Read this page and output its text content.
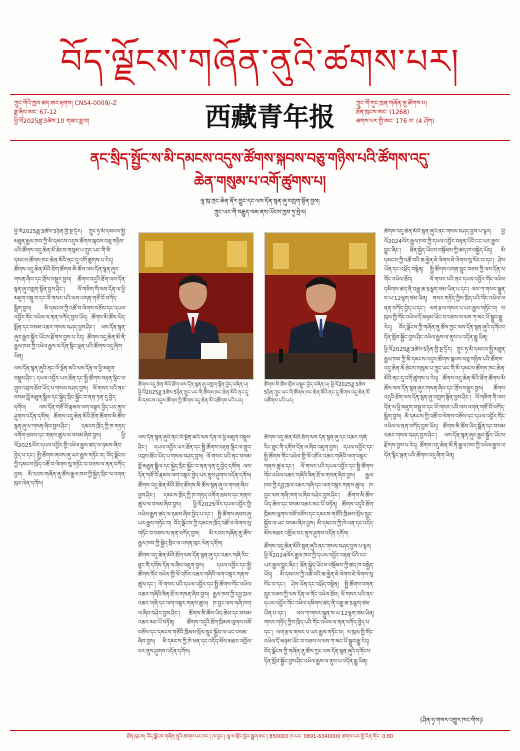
བོད་ལྗོངས་གཞོན་ནུའི་ཚགས་པར།
ཀྲུང་གོའི་ཁྱབ་ཚད་ཨང་རྟགས། CN54-0009/-Z
ཟླ་ཞིབ་ཨང་ 67-12
ཕྱི་ལོ2025ཟླ་3ཚེས་10 གཟའ་ཟླ་བ།	西藏青年报	ཀྲུང་གོ་གུང་ཁྲན་གཞོན་ནུ་ཚོགས་པ།
ཐོན་ཁུངས་ཨང་ (1268)
ཚགས་པར་གྱི་ཨང་ 176 བ་ (4 ཤོག)
ནང་སྲིད་སྤྱོང་ས་མི་དམངས་འདུས་ཚོགས་སྐབས་བཅུ་གཉིས་པའི་ཚོགས་འདུ་
ཆེན་གསུམ་པ་འགོ་ཚུགས་པ།
ལྷ་ཁུ་ཀྲང་ཆེན་ནོར་བྱུང་དང་ལས་དོན་སྙན་ཞུ་བཀླག་སྟོན་བྱས།
ཀྲུང་ཡང་གི་བརྒྱུད་ལམ་ནས་ཡོངས་ཁྱབ་ཏུ་སྤེལ།

ཕྱི་ལོ2025ཟླ་3ཚེས་5ཉིན་གྱི་སྔ་དྲོར། ཀྲུང་ཧྭ་མི་དམངས་སྤྱི་མཐུན་རྒྱལ་ཁབ་ཀྱི་མི་དམངས་འདུས་ཚོགས་སྐབས་བཅུ་གཉིས་པའི་ཚོགས་འདུ་ཆེན་མོ་ཐེངས་གསུམ་པ་ཀྲུང་ཡང་གི་མི་དམངས་ཚོགས་ཁང་ཆེན་མོའི་ནང་དུ་འགོ་ཚུགས་པ་རེད། ཚོགས་འདུ་ཆེན་མོའི་ཐོག་ཚོགས་མི་ཚོས་ལས་དོན་སྙན་ཞུར་གསན་ཞིབ་དང་གྲོས་བསྡུར་བྱས། ཚོགས་འདུའི་ཐོག་ལས་དོན་སྙན་ཞུ་བཀླག་སྟོན་བྱས་ཤིང་། ལོ་གཅིག་གི་ལས་དོན་ལ་ཕྱི་མཇུག་བསྡུ་བ་དང་ལོ་གསར་པའི་ལས་འགན་གཙོ་བོ་བཀོད་སྒྲིག་བྱས། མི་དམངས་ཀྱི་འཚོ་བ་ལེགས་བཅོས་དང་དཔལ་འབྱོར་གོང་འཕེལ་ལ་ནན་བཀོད་བྱས་ཡོད། ཚོགས་མི་ཚོས་ཡིད་སྨོན་དང་བསམ་འཆར་གསལ་བཤད་བྱས་ཤིང་། ལས་དོན་སྙན་ཞུར་རྒྱབ་སྐྱོར་ཡོངས་རྫོགས་བྱས་པ་རེད། ཚོགས་འདུ་ཆེན་མོ་ནི་རྒྱལ་ཁབ་ཀྱི་འཕེལ་རྒྱས་ལ་དོན་སྙིང་ལྡན་པའི་ཚོགས་འདུ་ཞིག་ཡིན།

ལས་དོན་སྙན་ཞུའི་ནང་ལོ་སྔོན་མའི་ལས་དོན་ལ་ཕྱི་མཇུག་བསྡུས་ཤིང་། དཔལ་འབྱོར་ཡར་ཐོན་དང་སྤྱི་ཚོགས་བརྟན་ལྷིང་ལ་གྲུབ་འབྲས་ཐོབ་ཡོད་པ་གསལ་བཤད་བྱས། ལོ་གསར་པའི་ནང་བསམ་བློ་མཐུན་སྒྲིལ་དང་སྐྱེད་སྲིང་སྐྱོང་བ་ནན་ཏན་དུ་བྱེད་དགོས། ལས་དོན་གཙོ་བོ་རྣམས་ལག་བསྟར་བྱེད་པར་ནུས་ཤུགས་འདོན་དགོས། ཚོགས་འདུ་ཆེན་མོའི་ཐོག་ཚོགས་མི་ཚོས་སྙན་ཞུ་ལ་གསན་ཞིབ་བྱས་ཤིང་། དམངས་ཁྲོད་ཀྱི་ཁ་གཏད་འགོག་ཐབས་དང་གནས་ཚུལ་ལ་བསམ་ཞིབ་བྱས། ཕྱི་ལོ2025ལོར་དཔལ་འབྱོར་གྱི་འཕེལ་རྒྱས་ཚད་ལ་ཉམས་ཞིབ་བྱེད་པ་དང་། སྤྱི་ཚོགས་ཞབས་ཞུ་ཡར་རྒྱས་གཏོང་བ། བོད་ལྗོངས་ཀྱི་དམངས་ཁྲོད་འཚོ་བ་ལེགས་སུ་གཏོང་བ་བཅས་ལ་ནན་བཀོད་བྱས། མི་རབས་གཞོན་ནུ་ཚོས་རྒྱལ་ཁབ་ཀྱི་སྐྱེད་སྲིང་ལ་འགན་ཁུར་ལེན་དགོས།

ཚོགས་འདུ་ཆེན་མོའི་ཐོག་ལས་དོན་སྙན་ཞུ་བཀླག་སྟོན་བྱེད་བཞིན་པ། ཕྱི་ལོ2025ཟླ་3ཚེས་5ཉིན་ཀྲུང་ཡང་གི་ཚོགས་ཁང་ཆེན་མོའི་ནང་དུ་མི་དམངས་འདུས་ཚོགས་ཀྱི་ཚོགས་འདུ་ཆེན་མོ་འཚོགས་པའི་པར།
ཚོགས་མི་ཚོས་གྲོས་བསྡུར་བྱེད་བཞིན་པ། ཕྱི་ལོ2025ཟླ་3ཚེས་5ཉིན་ཀྲུང་ཡང་གི་ཚོགས་ཁང་ཆེན་མོའི་ནང་དུ་ཚོགས་འདུ་ཆེན་མོ་འཚོགས་པའི་པར།

ལས་དོན་སྙན་ཞུའི་ནང་ལོ་སྔོན་མའི་ལས་དོན་ལ་ཕྱི་མཇུག་བསྡུས་ཤིང་། དཔལ་འབྱོར་ཡར་ཐོན་དང་སྤྱི་ཚོགས་བརྟན་ལྷིང་ལ་གྲུབ་འབྲས་ཐོབ་ཡོད་པ་གསལ་བཤད་བྱས། ལོ་གསར་པའི་ནང་བསམ་བློ་མཐུན་སྒྲིལ་དང་སྐྱེད་སྲིང་སྐྱོང་བ་ནན་ཏན་དུ་བྱེད་དགོས། ལས་དོན་གཙོ་བོ་རྣམས་ལག་བསྟར་བྱེད་པར་ནུས་ཤུགས་འདོན་དགོས། ཚོགས་འདུ་ཆེན་མོའི་ཐོག་ཚོགས་མི་ཚོས་སྙན་ཞུ་ལ་གསན་ཞིབ་བྱས་ཤིང་། དམངས་ཁྲོད་ཀྱི་ཁ་གཏད་འགོག་ཐབས་དང་གནས་ཚུལ་ལ་བསམ་ཞིབ་བྱས། ཕྱི་ལོ2025ལོར་དཔལ་འབྱོར་གྱི་འཕེལ་རྒྱས་ཚད་ལ་ཉམས་ཞིབ་བྱེད་པ་དང་། སྤྱི་ཚོགས་ཞབས་ཞུ་ཡར་རྒྱས་གཏོང་བ། བོད་ལྗོངས་ཀྱི་དམངས་ཁྲོད་འཚོ་བ་ལེགས་སུ་གཏོང་བ་བཅས་ལ་ནན་བཀོད་བྱས། མི་རབས་གཞོན་ནུ་ཚོས་རྒྱལ་ཁབ་ཀྱི་སྐྱེད་སྲིང་ལ་འགན་ཁུར་ལེན་དགོས།

ཚོགས་འདུ་ཆེན་མོའི་ཐོག་ལས་དོན་སྙན་ཞུ་དང་འཆར་གཞི་རིང་ཐུང་གི་དགོས་དོན་ལ་ཞིབ་འཇུག་བྱས། དཔལ་འབྱོར་དང་སྤྱི་ཚོགས་གོང་འཕེལ་གྱི་ལོ་འཁོར་འཆར་གཞིའི་ལག་བསྟར་གནས་ཚུལ་དང་། ལོ་གསར་པའི་དཔལ་འབྱོར་དང་སྤྱི་ཚོགས་གོང་འཕེལ་འཆར་གཞིའི་ཟིན་ཐོ་ལ་གསན་ཞིབ་བྱས། རྒྱལ་ཁབ་ཀྱི་དབྱ་ཁྲལ་འཆར་གཞི་དང་ལག་བསྟར་གནས་ཚུལ། ཁ་བྱང་ལས་གཞི་ཁག་ལ་ཞིབ་བཤེར་བྱས་ཤིང་། ཚོགས་མི་ཚོས་ཡིད་ཆེས་དང་བསམ་འཆར་མང་པོ་བཏོན། ཚོགས་འདུའི་ཐོག་ཁྲིམས་ལུགས་བཟོ་བཅོས་དང་དམངས་གཙོའི་ཁྲིམས་སྲོལ་སྲུང་སྐྱོབ་ལ་ཡང་བསམ་ཞིབ་བྱས། མི་དམངས་ཀྱི་ཁེ་ཕན་དང་འདོད་མོས་མཐར་འཁྱོལ་བར་ནུས་ཤུགས་འདོན་དགོས།

ཚོགས་འདུ་ཆེན་མོའི་ཐོག་ལས་དོན་སྙན་ཞུ་དང་འཆར་གཞི་རིང་ཐུང་གི་དགོས་དོན་ལ་ཞིབ་འཇུག་བྱས། དཔལ་འབྱོར་དང་སྤྱི་ཚོགས་གོང་འཕེལ་གྱི་ལོ་འཁོར་འཆར་གཞིའི་ལག་བསྟར་གནས་ཚུལ་དང་། ལོ་གསར་པའི་དཔལ་འབྱོར་དང་སྤྱི་ཚོགས་གོང་འཕེལ་འཆར་གཞིའི་ཟིན་ཐོ་ལ་གསན་ཞིབ་བྱས། རྒྱལ་ཁབ་ཀྱི་དབྱ་ཁྲལ་འཆར་གཞི་དང་ལག་བསྟར་གནས་ཚུལ། ཁ་བྱང་ལས་གཞི་ཁག་ལ་ཞིབ་བཤེར་བྱས་ཤིང་། ཚོགས་མི་ཚོས་ཡིད་ཆེས་དང་བསམ་འཆར་མང་པོ་བཏོན། ཚོགས་འདུའི་ཐོག་ཁྲིམས་ལུགས་བཟོ་བཅོས་དང་དམངས་གཙོའི་ཁྲིམས་སྲོལ་སྲུང་སྐྱོབ་ལ་ཡང་བསམ་ཞིབ་བྱས། མི་དམངས་ཀྱི་ཁེ་ཕན་དང་འདོད་མོས་མཐར་འཁྱོལ་བར་ནུས་ཤུགས་འདོན་དགོས།

ཚོགས་འདུ་ཆེན་མོའི་སྙན་ཞུའི་ནང་གསལ་བཤད་བྱས་པ་ལྟར། ཕྱི་ལོ2024ལོར་རྒྱལ་ཁབ་ཀྱི་དཔལ་འབྱོར་བརྟན་པོའི་ངང་ཡར་རྒྱས་བྱུང་ཞིང་། ཐོན་སྐྱེད་ཡོངས་བསྡོམས་ཀྱི་ཚད་ཁ་བསྐྱེད་ཡོད། མི་དམངས་ཀྱི་འཚོ་བའི་ཆ་རྐྱེན་ཇེ་ལེགས་ཇེ་ལེགས་སུ་སོང་བ་དང་། ཤེས་ཡོན་དང་འཕྲོད་བསྟེན། སྤྱི་ཚོགས་འགན་སྲུང་བཅས་ཀྱི་ལས་དོན་ལ་གོང་འཕེལ་ཐོབ། ལོ་གསར་པའི་ནང་དཔལ་འབྱོར་གོང་འཕེལ་དམིགས་ཚད་ནི་བརྒྱ་ཆ་5ལྷག་ཙམ་ཡིན་པ་དང་། ལས་ཀ་གསར་སྐྲུན་ས་ཡ་12ལྷག་ཙམ་ཡིན། གསར་གཏོད་ཀྱིས་ཁྲིད་པའི་གོང་འཕེལ་ལ་ནན་བཀོད་བྱེད་པ་དང་། ལག་རྩལ་གསར་པ་ཡར་རྒྱས་གཏོང་བ། ས་ཁུལ་གྱི་གོང་འཕེལ་དོ་མཉམ་ཡོང་བ་བཅས་ལ་ལས་ཀ་མང་པོ་སྒྲུབ་རྒྱུ་རེད། བོད་ལྗོངས་ཀྱི་གཞོན་ནུ་ཚོས་ཀྱང་ལས་དོན་སྙན་ཞུའི་དགོངས་དོན་སློབ་སྦྱོང་བྱས་ཤིང་འཕེལ་རྒྱས་ལ་ནུས་པ་འདོན་རྒྱུ་ཡིན།

ཚོགས་འདུ་ཆེན་མོའི་སྙན་ཞུའི་ནང་གསལ་བཤད་བྱས་པ་ལྟར། ཕྱི་ལོ2024ལོར་རྒྱལ་ཁབ་ཀྱི་དཔལ་འབྱོར་བརྟན་པོའི་ངང་ཡར་རྒྱས་བྱུང་ཞིང་། ཐོན་སྐྱེད་ཡོངས་བསྡོམས་ཀྱི་ཚད་ཁ་བསྐྱེད་ཡོད། མི་དམངས་ཀྱི་འཚོ་བའི་ཆ་རྐྱེན་ཇེ་ལེགས་ཇེ་ལེགས་སུ་སོང་བ་དང་། ཤེས་ཡོན་དང་འཕྲོད་བསྟེན། སྤྱི་ཚོགས་འགན་སྲུང་བཅས་ཀྱི་ལས་དོན་ལ་གོང་འཕེལ་ཐོབ། ལོ་གསར་པའི་ནང་དཔལ་འབྱོར་གོང་འཕེལ་དམིགས་ཚད་ནི་བརྒྱ་ཆ་5ལྷག་ཙམ་ཡིན་པ་དང་། ལས་ཀ་གསར་སྐྲུན་ས་ཡ་12ལྷག་ཙམ་ཡིན། གསར་གཏོད་ཀྱིས་ཁྲིད་པའི་གོང་འཕེལ་ལ་ནན་བཀོད་བྱེད་པ་དང་། ལག་རྩལ་གསར་པ་ཡར་རྒྱས་གཏོང་བ། ས་ཁུལ་གྱི་གོང་འཕེལ་དོ་མཉམ་ཡོང་བ་བཅས་ལ་ལས་ཀ་མང་པོ་སྒྲུབ་རྒྱུ་རེད། བོད་ལྗོངས་ཀྱི་གཞོན་ནུ་ཚོས་ཀྱང་ལས་དོན་སྙན་ཞུའི་དགོངས་དོན་སློབ་སྦྱོང་བྱས་ཤིང་འཕེལ་རྒྱས་ལ་ནུས་པ་འདོན་རྒྱུ་ཡིན།

ཕྱི་ལོ2025ཟླ་3ཚེས་5ཉིན་གྱི་སྔ་དྲོར། ཀྲུང་ཧྭ་མི་དམངས་སྤྱི་མཐུན་རྒྱལ་ཁབ་ཀྱི་མི་དམངས་འདུས་ཚོགས་སྐབས་བཅུ་གཉིས་པའི་ཚོགས་འདུ་ཆེན་མོ་ཐེངས་གསུམ་པ་ཀྲུང་ཡང་གི་མི་དམངས་ཚོགས་ཁང་ཆེན་མོའི་ནང་དུ་འགོ་ཚུགས་པ་རེད། ཚོགས་འདུ་ཆེན་མོའི་ཐོག་ཚོགས་མི་ཚོས་ལས་དོན་སྙན་ཞུར་གསན་ཞིབ་དང་གྲོས་བསྡུར་བྱས། ཚོགས་འདུའི་ཐོག་ལས་དོན་སྙན་ཞུ་བཀླག་སྟོན་བྱས་ཤིང་། ལོ་གཅིག་གི་ལས་དོན་ལ་ཕྱི་མཇུག་བསྡུ་བ་དང་ལོ་གསར་པའི་ལས་འགན་གཙོ་བོ་བཀོད་སྒྲིག་བྱས། མི་དམངས་ཀྱི་འཚོ་བ་ལེགས་བཅོས་དང་དཔལ་འབྱོར་གོང་འཕེལ་ལ་ནན་བཀོད་བྱས་ཡོད། ཚོགས་མི་ཚོས་ཡིད་སྨོན་དང་བསམ་འཆར་གསལ་བཤད་བྱས་ཤིང་། ལས་དོན་སྙན་ཞུར་རྒྱབ་སྐྱོར་ཡོངས་རྫོགས་བྱས་པ་རེད། ཚོགས་འདུ་ཆེན་མོ་ནི་རྒྱལ་ཁབ་ཀྱི་འཕེལ་རྒྱས་ལ་དོན་སྙིང་ལྡན་པའི་ཚོགས་འདུ་ཞིག་ཡིན།

(ཤིན་ཧྭ་གསར་འགྱུར་ཁང་གིས།)
ཐོན་ཁུངས། བོད་ལྗོངས་གཞོན་ནུའི་ཚགས་པར་ཁང་། ཁ་བྱང་། ལྷ་ས་གྲོང་ཁྱེར་སྦྲག་ཨང་། 850000 ཁ་པར་ 0891-6340000 ཚགས་པར་གྱི་རིན་གོང་ 0.80
